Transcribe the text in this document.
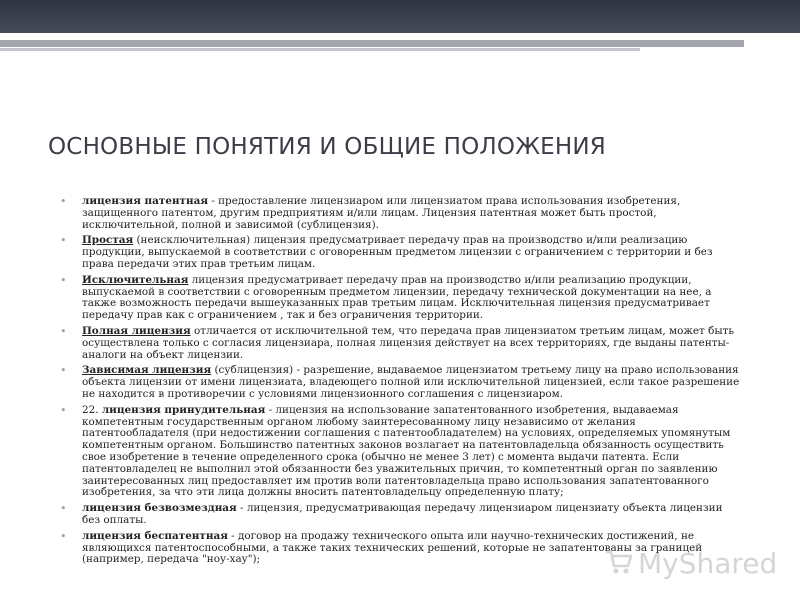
ОСНОВНЫЕ ПОНЯТИЯ И ОБЩИЕ ПОЛОЖЕНИЯ
• лицензия патентная - предоставление лицензиаром или лицензиатом права использования изобретения, защищенного патентом, другим предприятиям и/или лицам. Лицензия патентная может быть простой, исключительной, полной и зависимой (сублицензия).
• Простая (неисключительная) лицензия предусматривает передачу прав на производство и/или реализацию продукции, выпускаемой в соответствии с оговоренным предметом лицензии с ограничением с территории и без права передачи этих прав третьим лицам.
• Исключительная лицензия предусматривает передачу прав на производство и/или реализацию продукции, выпускаемой в соответствии с оговоренным предметом лицензии, передачу технической документации на нее, а также возможность передачи вышеуказанных прав третьим лицам. Исключительная лицензия предусматривает передачу прав как с ограничением , так и без ограничения территории.
• Полная лицензия отличается от исключительной тем, что передача прав лицензиатом третьим лицам, может быть осуществлена только с согласия лицензиара, полная лицензия действует на всех территориях, где выданы патенты-аналоги на объект лицензии.
• Зависимая лицензия (сублицензия) - разрешение, выдаваемое лицензиатом третьему лицу на право использования объекта лицензии от имени лицензиата, владеющего полной или исключительной лицензией, если такое разрешение не находится в противоречии с условиями лицензионного соглашения с лицензиаром.
• 22. лицензия принудительная - лицензия на использование запатентованного изобретения, выдаваемая компетентным государственным органом любому заинтересованному лицу независимо от желания патентообладателя (при недостижении соглашения с патентообладателем) на условиях, определяемых упомянутым компетентным органом. Большинство патентных законов возлагает на патентовладельца обязанность осуществить свое изобретение в течение определенного срока (обычно не менее 3 лет) с момента выдачи патента. Если патентовладелец не выполнил этой обязанности без уважительных причин, то компетентный орган по заявлению заинтересованных лиц предоставляет им против воли патентовладельца право использования запатентованного изобретения, за что эти лица должны вносить патентовладельцу определенную плату;
• лицензия безвозмездная - лицензия, предусматривающая передачу лицензиаром лицензиату объекта лицензии без оплаты.
• лицензия беспатентная - договор на продажу технического опыта или научно-технических достижений, не являющихся патентоспособными, а также таких технических решений, которые не запатентованы за границей (например, передача "ноу-хау");	MyShared
